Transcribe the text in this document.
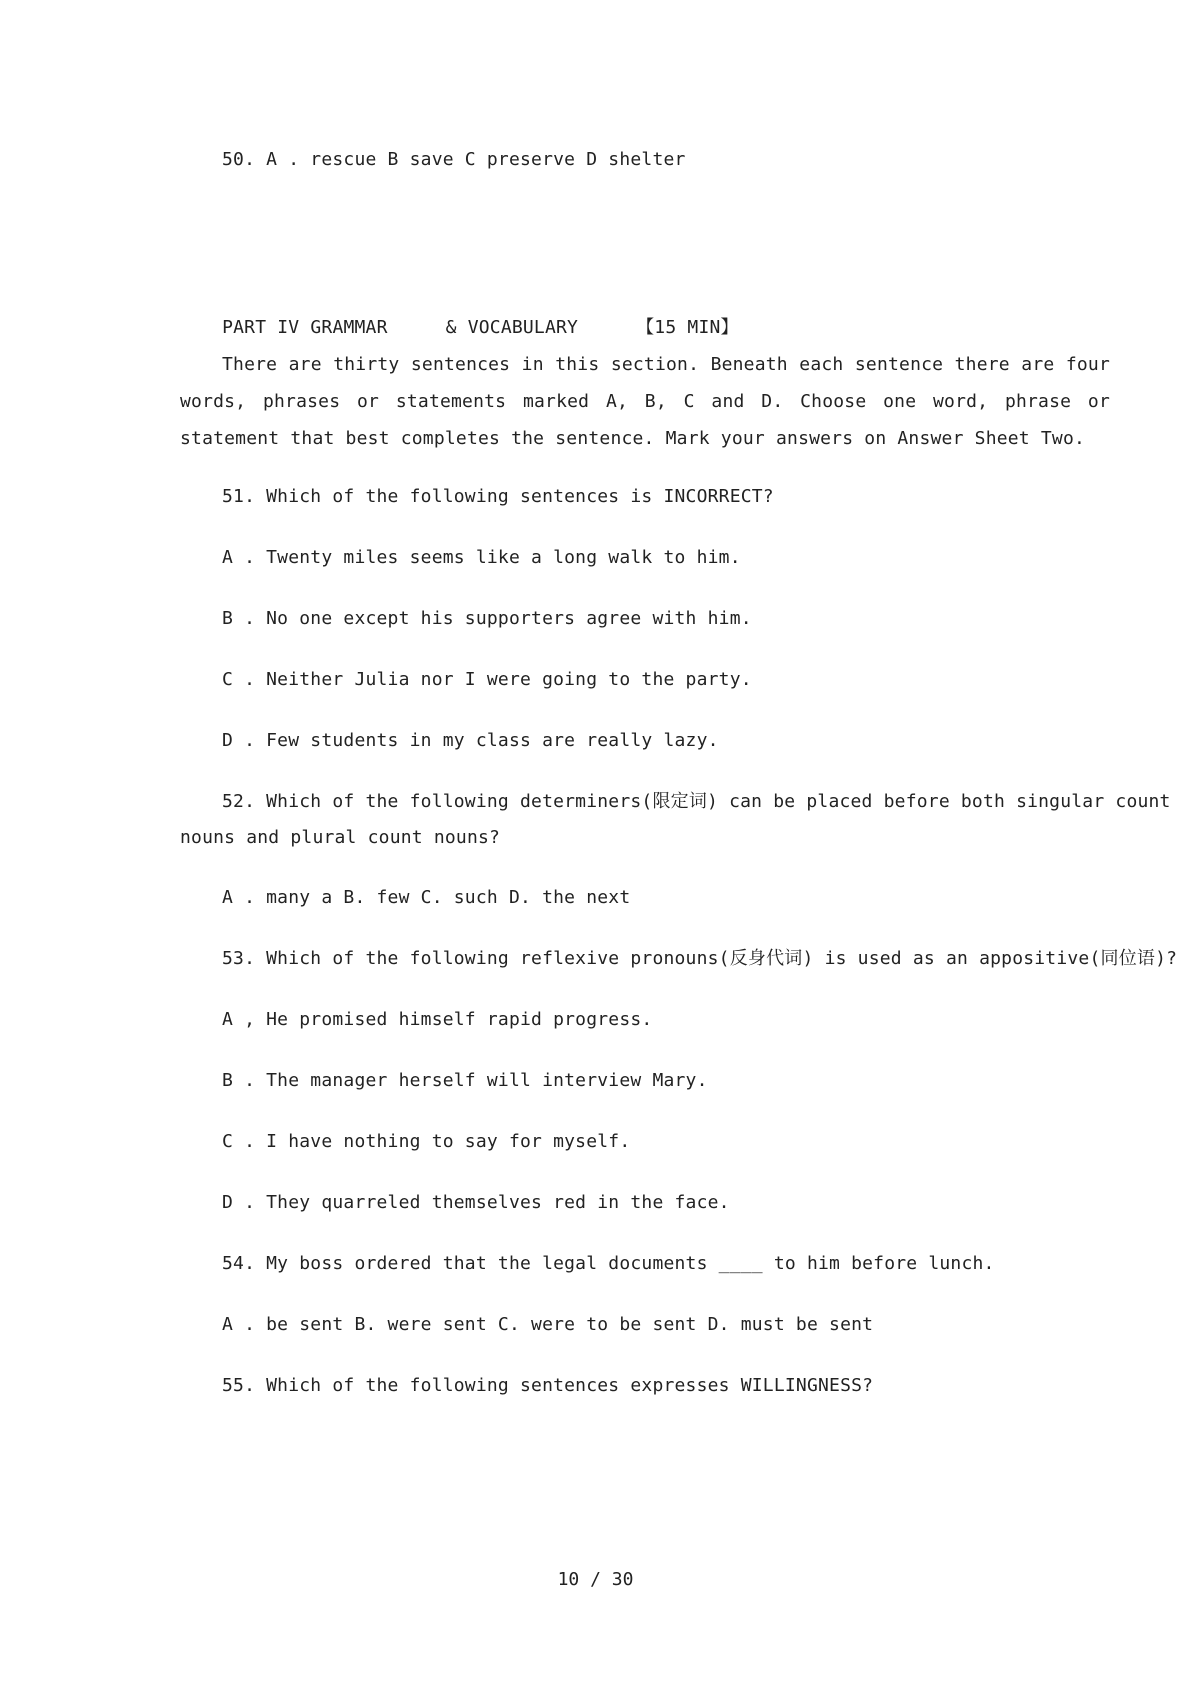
50. A . rescue B save C preserve D shelter

PART IV GRAMMAR	& VOCABULARY	【15 MIN】

There are thirty sentences in this section. Beneath each sentence there are four words, phrases or statements marked A, B, C and D. Choose one word, phrase or statement that best completes the sentence. Mark your answers on Answer Sheet Two.
51. Which of the following sentences is INCORRECT?
A . Twenty miles seems like a long walk to him.
B . No one except his supporters agree with him.
C . Neither Julia nor I were going to the party.
D . Few students in my class are really lazy.
52. Which of the following determiners(限定词) can be placed before both singular count
nouns and plural count nouns?
A . many a B. few C. such D. the next
53. Which of the following reflexive pronouns(反身代词) is used as an appositive(同位语)?
A , He promised himself rapid progress.
B . The manager herself will interview Mary.
C . I have nothing to say for myself.
D . They quarreled themselves red in the face.
54. My boss ordered that the legal documents ____ to him before lunch.
A . be sent B. were sent C. were to be sent D. must be sent
55. Which of the following sentences expresses WILLINGNESS?
10 / 30
